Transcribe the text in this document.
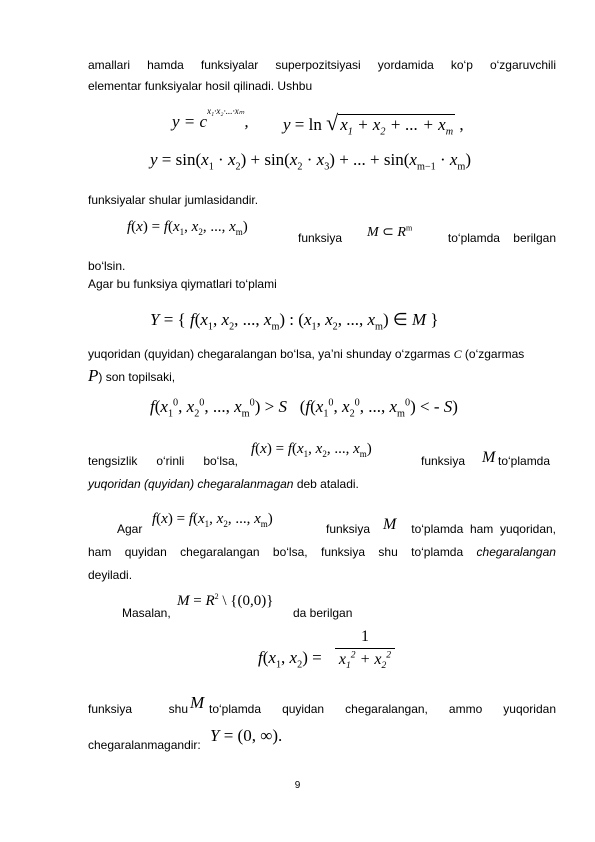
amallari hamda funksiyalar superpozitsiyasi yordamida ko‘p o‘zgaruvchili
elementar funksiyalar hosil qilinadi. Ushbu
$y = c^{x_1\cdot x_2\cdot...\cdot x_m}$, y = ln √ $x_1 + x_2$ + ... + $x_m$ ,
$y = \sin(x_1 \cdot x_2) + \sin(x_2 \cdot x_3)$ + ... + $\sin(x_{m-1} \cdot x_m)$
funksiyalar shular jumlasidandir.
$f(x) = f(x_1$, $x_2$, ..., $x_m$)
funksiya M ⊂ $R^m$
to‘plamda    berilgan
bo‘lsin.
Agar bu funksiya qiymatlari to‘plami
Y = { $f(x_1$, $x_2$, ..., $x_m$) : ($x_1$, $x_2$, ..., $x_m$) ∈ M }
yuqoridan (quyidan) chegaralangan bo‘lsa, ya’ni shunday o‘zgarmas C (o‘zgarmas
P) son topilsaki,
$f(x_1^0$, $x_2^0$, ..., $x_m^0) > S$   ($f(x_1^0$, $x_2^0$, ..., $x_m^0$) < - S)
tengsizlik o‘rinli bo‘lsa,
$f(x) = f(x_1$, $x_2$, ..., $x_m$)
funksiya M to‘plamda
yuqoridan (quyidan) chegaralanmagan deb ataladi.
Agar
$f(x) = f(x_1$, $x_2$, ..., $x_m$)
funksiya M	to‘plamda  ham  yuqoridan,
ham quyidan chegaralangan bo‘lsa, funksiya shu to‘plamda chegaralangan
deyiladi.
Masalan,
$M = R^2$ \ {(0,0)}
da berilgan
$f(x_1$, $x_2$) =
1
$x_1^2 + x_2^2$
funksiya	shu M to‘plamda quyidan chegaralangan, ammo yuqoridan
chegaralanmagandir: Y = (0, ∞).
9
